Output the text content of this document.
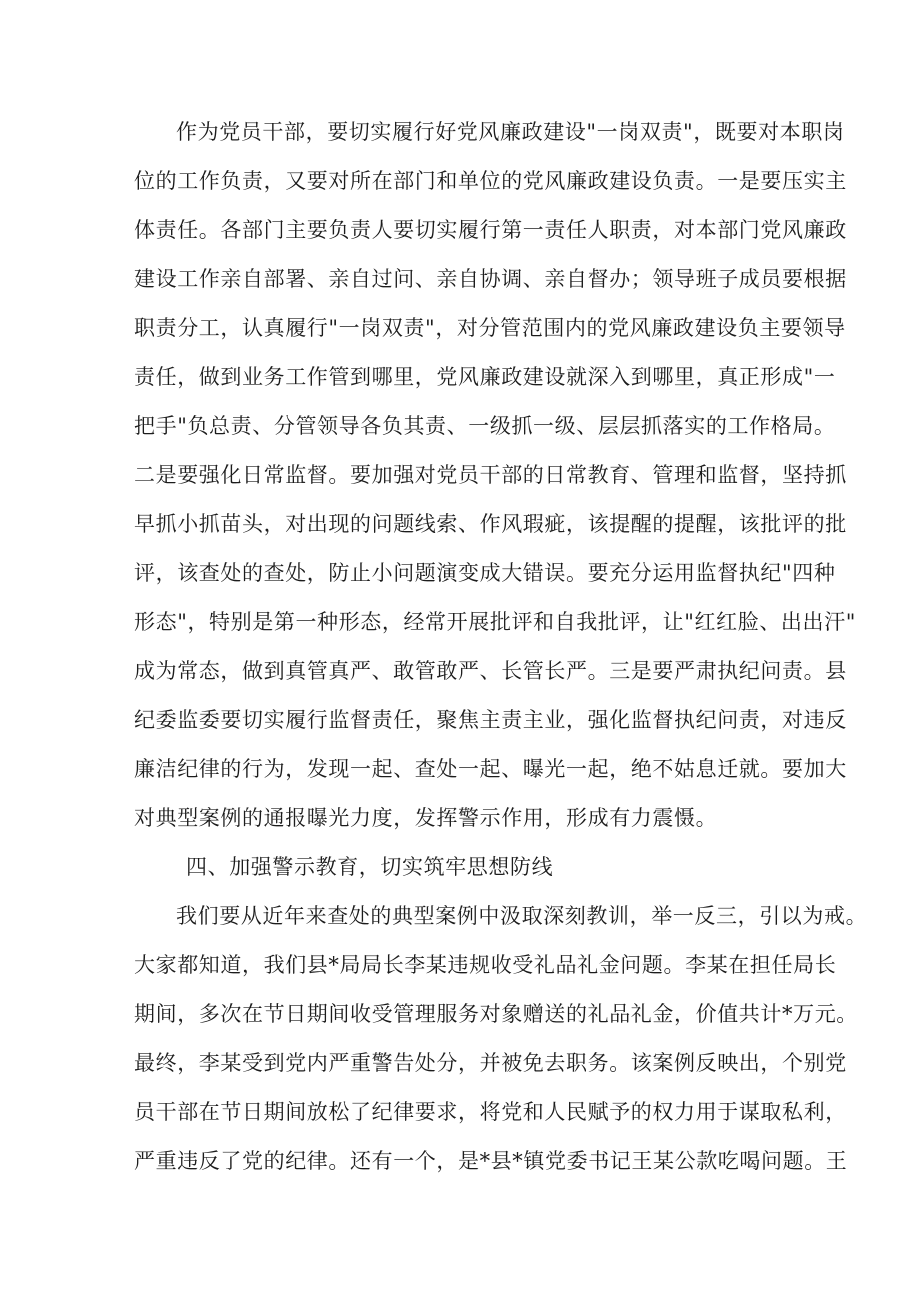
作为党员干部，要切实履行好党风廉政建设"一岗双责"，既要对本职岗
位的工作负责，又要对所在部门和单位的党风廉政建设负责。一是要压实主
体责任。各部门主要负责人要切实履行第一责任人职责，对本部门党风廉政
建设工作亲自部署、亲自过问、亲自协调、亲自督办；领导班子成员要根据
职责分工，认真履行"一岗双责"，对分管范围内的党风廉政建设负主要领导
责任，做到业务工作管到哪里，党风廉政建设就深入到哪里，真正形成"一
把手"负总责、分管领导各负其责、一级抓一级、层层抓落实的工作格局。
二是要强化日常监督。要加强对党员干部的日常教育、管理和监督，坚持抓
早抓小抓苗头，对出现的问题线索、作风瑕疵，该提醒的提醒，该批评的批
评，该查处的查处，防止小问题演变成大错误。要充分运用监督执纪"四种
形态"，特别是第一种形态，经常开展批评和自我批评，让"红红脸、出出汗"
成为常态，做到真管真严、敢管敢严、长管长严。三是要严肃执纪问责。县
纪委监委要切实履行监督责任，聚焦主责主业，强化监督执纪问责，对违反
廉洁纪律的行为，发现一起、查处一起、曝光一起，绝不姑息迁就。要加大
对典型案例的通报曝光力度，发挥警示作用，形成有力震慑。
四、加强警示教育，切实筑牢思想防线
我们要从近年来查处的典型案例中汲取深刻教训，举一反三，引以为戒。
大家都知道，我们县*局局长李某违规收受礼品礼金问题。李某在担任局长
期间，多次在节日期间收受管理服务对象赠送的礼品礼金，价值共计*万元。
最终，李某受到党内严重警告处分，并被免去职务。该案例反映出，个别党
员干部在节日期间放松了纪律要求，将党和人民赋予的权力用于谋取私利，
严重违反了党的纪律。还有一个，是*县*镇党委书记王某公款吃喝问题。王
